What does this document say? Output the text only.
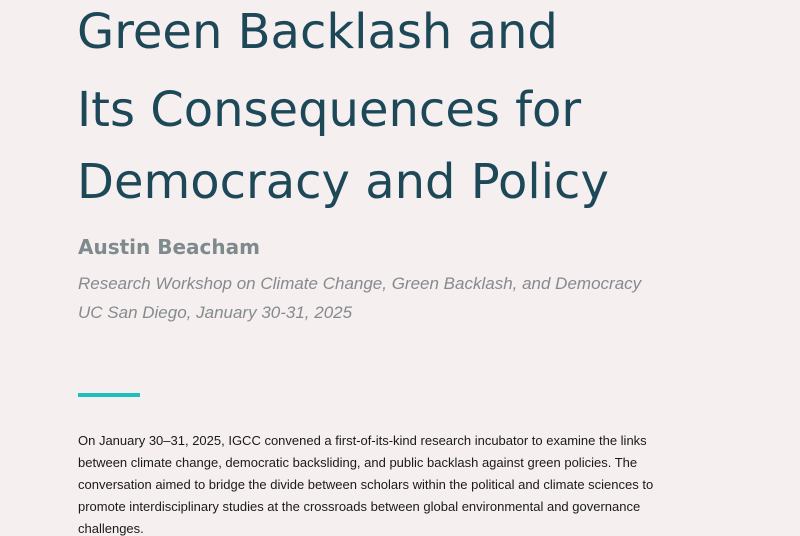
Green Backlash and
Its Consequences for
Democracy and Policy

Austin Beacham

Research Workshop on Climate Change, Green Backlash, and Democracy

UC San Diego, January 30-31, 2025

On January 30–31, 2025, IGCC convened a first-of-its-kind research incubator to examine the links
between climate change, democratic backsliding, and public backlash against green policies. The
conversation aimed to bridge the divide between scholars within the political and climate sciences to
promote interdisciplinary studies at the crossroads between global environmental and governance
challenges.
